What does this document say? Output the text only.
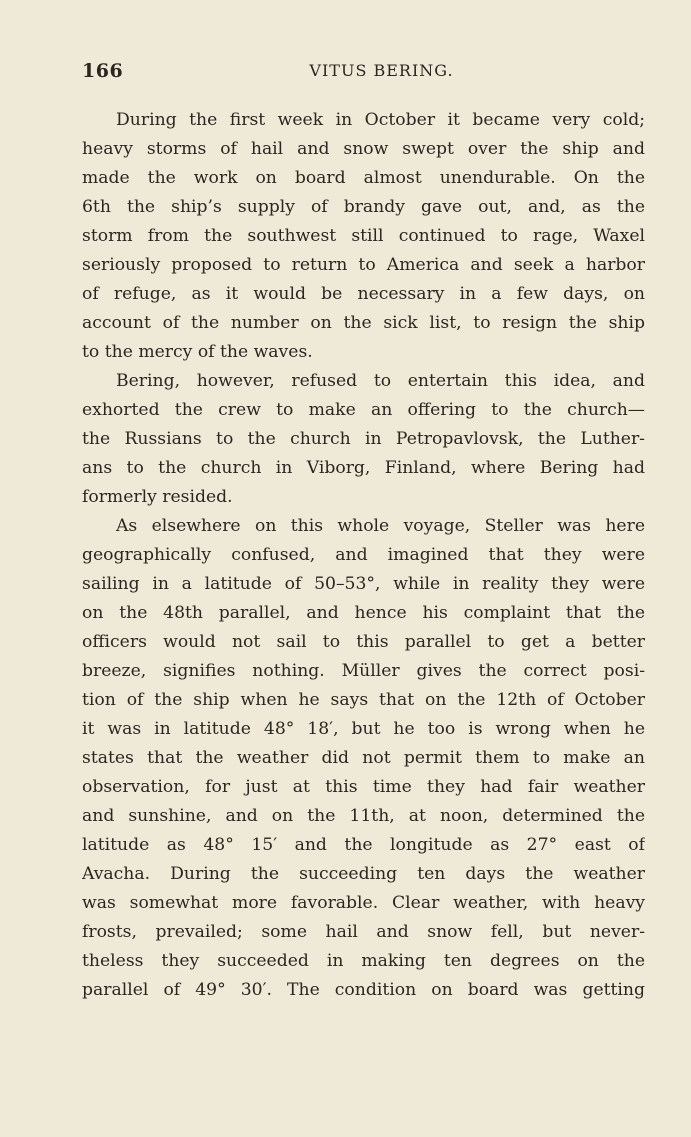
166	VITUS BERING.
During the first week in October it became very cold;
heavy storms of hail and snow swept over the ship and
made the work on board almost unendurable. On the
6th the ship’s supply of brandy gave out, and, as the
storm from the southwest still continued to rage, Waxel
seriously proposed to return to America and seek a harbor
of refuge, as it would be necessary in a few days, on
account of the number on the sick list, to resign the ship
to the mercy of the waves.
Bering, however, refused to entertain this idea, and
exhorted the crew to make an offering to the church—
the Russians to the church in Petropavlovsk, the Luther-
ans to the church in Viborg, Finland, where Bering had
formerly resided.
As elsewhere on this whole voyage, Steller was here
geographically confused, and imagined that they were
sailing in a latitude of 50–53°, while in reality they were
on the 48th parallel, and hence his complaint that the
officers would not sail to this parallel to get a better
breeze, signifies nothing. Müller gives the correct posi-
tion of the ship when he says that on the 12th of October
it was in latitude 48° 18′, but he too is wrong when he
states that the weather did not permit them to make an
observation, for just at this time they had fair weather
and sunshine, and on the 11th, at noon, determined the
latitude as 48° 15′ and the longitude as 27° east of
Avacha. During the succeeding ten days the weather
was somewhat more favorable. Clear weather, with heavy
frosts, prevailed; some hail and snow fell, but never-
theless they succeeded in making ten degrees on the
parallel of 49° 30′. The condition on board was getting
